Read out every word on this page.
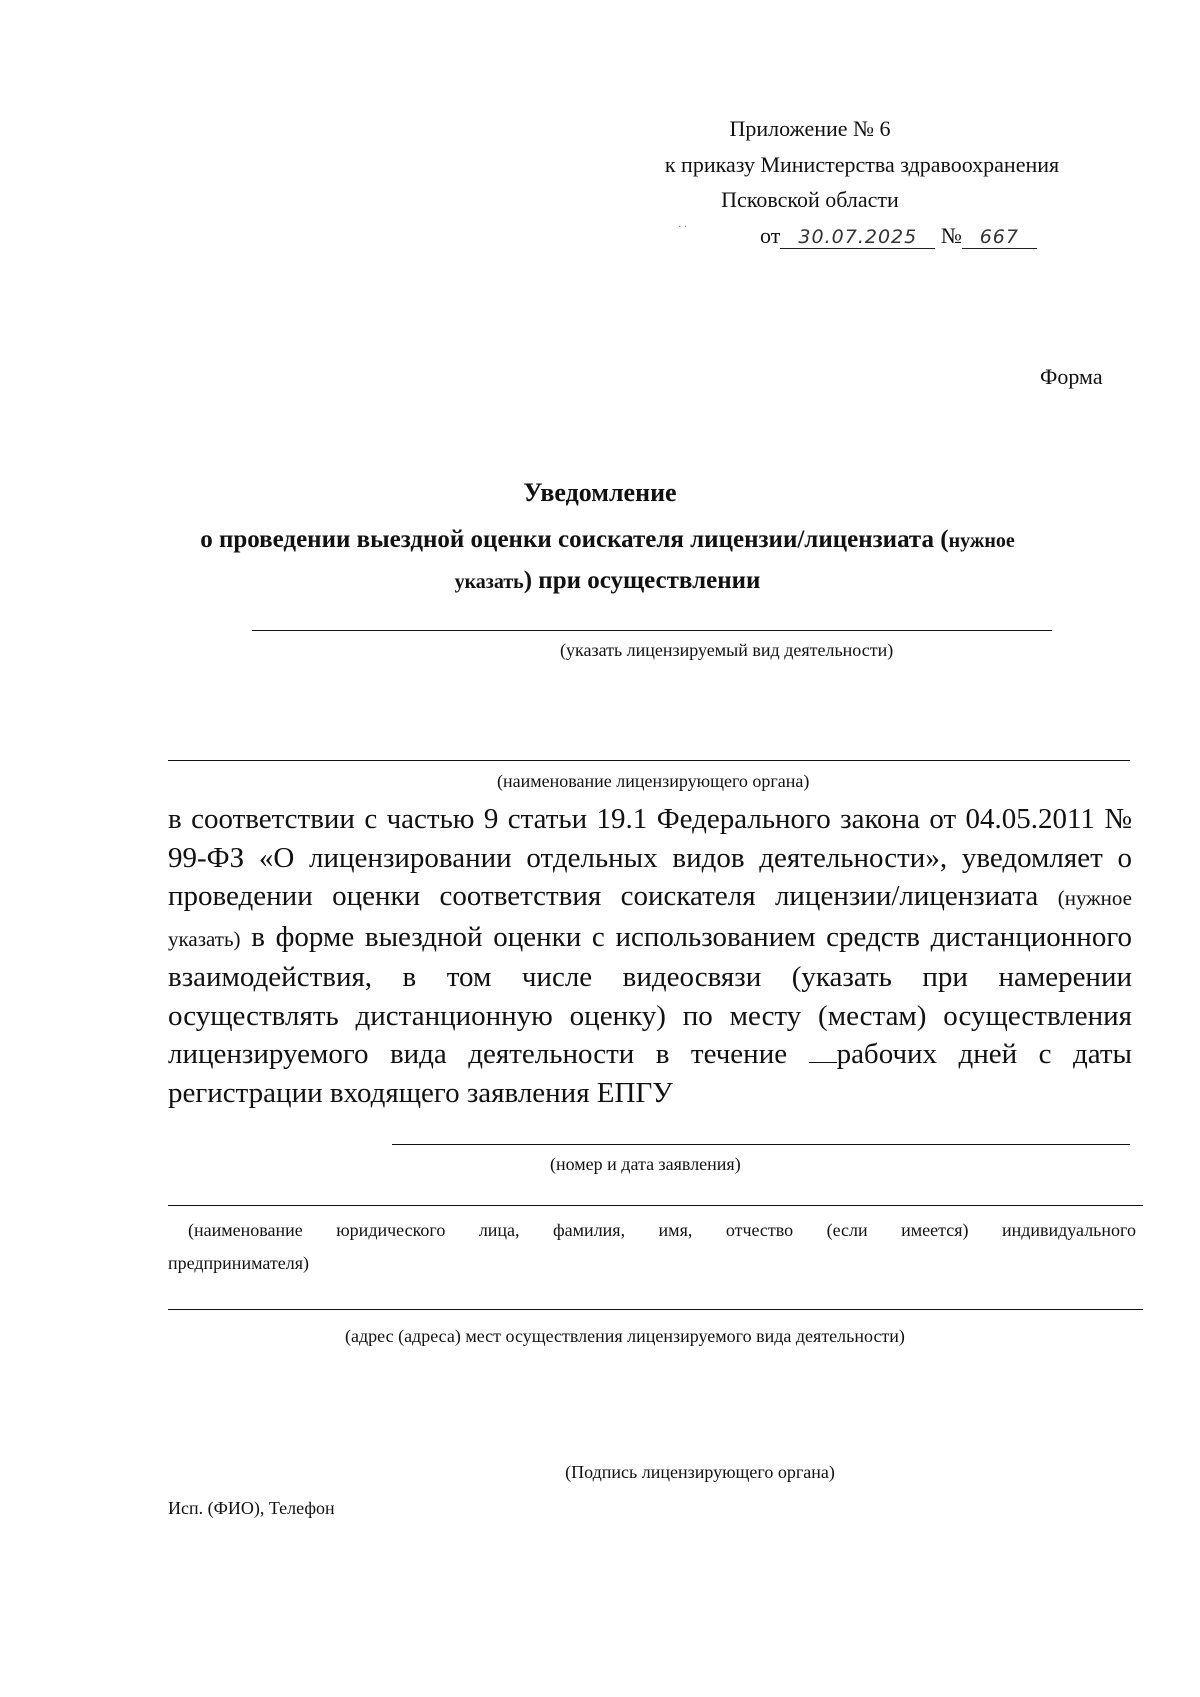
Приложение № 6
к приказу Министерства здравоохранения
Псковской области
· ·	от 30.07.2025 № 667
Форма
Уведомление
о проведении выездной оценки соискателя лицензии/лицензиата (нужное
указать) при осуществлении
(указать лицензируемый вид деятельности)
(наименование лицензирующего органа)
в соответствии с частью 9 статьи 19.1 Федерального закона от 04.05.2011 № 99-ФЗ «О лицензировании отдельных видов деятельности», уведомляет о проведении оценки соответствия соискателя лицензии/лицензиата (нужное указать) в форме выездной оценки с использованием средств дистанционного взаимодействия, в том числе видеосвязи (указать при намерении осуществлять дистанционную оценку) по месту (местам) осуществления лицензируемого вида деятельности в течение рабочих дней с даты регистрации входящего заявления ЕПГУ
(номер и дата заявления)
(наименование юридического лица, фамилия, имя, отчество (если имеется) индивидуального
предпринимателя)
(адрес (адреса) мест осуществления лицензируемого вида деятельности)
(Подпись лицензирующего органа)
Исп. (ФИО), Телефон
